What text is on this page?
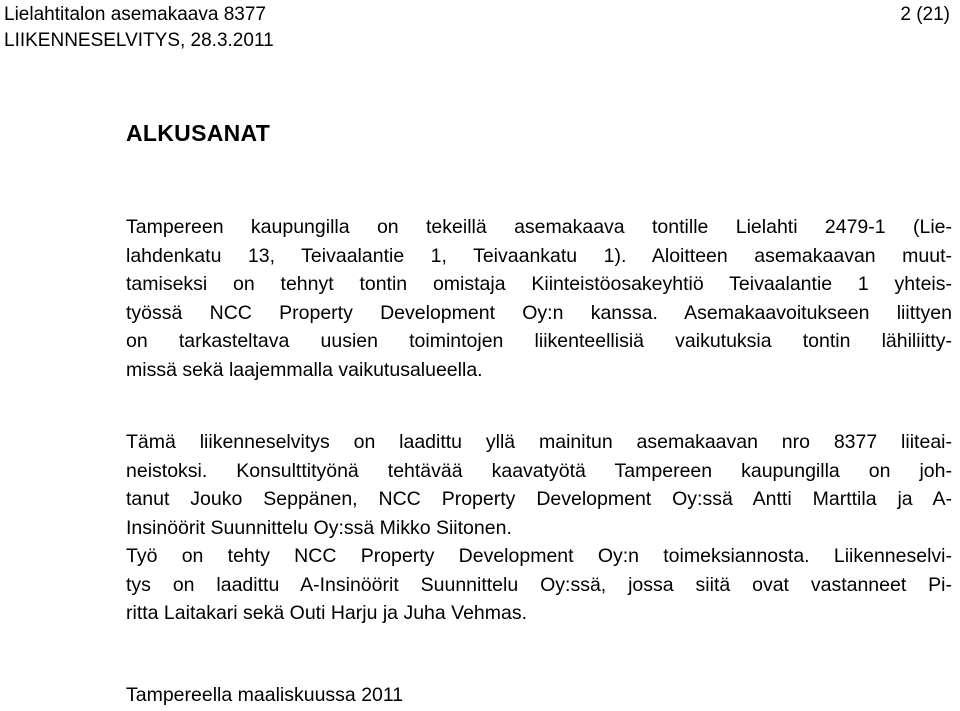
Lielahtitalon asemakaava 8377
LIIKENNESELVITYS, 28.3.2011
2 (21)
ALKUSANAT
Tampereen kaupungilla on tekeillä asemakaava tontille Lielahti 2479-1 (Lie-
lahdenkatu 13, Teivaalantie 1, Teivaankatu 1). Aloitteen asemakaavan muut-
tamiseksi on tehnyt tontin omistaja Kiinteistöosakeyhtiö Teivaalantie 1 yhteis-
työssä NCC Property Development Oy:n kanssa. Asemakaavoitukseen liittyen
on tarkasteltava uusien toimintojen liikenteellisiä vaikutuksia tontin lähiliitty-
missä sekä laajemmalla vaikutusalueella.
Tämä liikenneselvitys on laadittu yllä mainitun asemakaavan nro 8377 liiteai-
neistoksi. Konsulttityönä tehtävää kaavatyötä Tampereen kaupungilla on joh-
tanut Jouko Seppänen, NCC Property Development Oy:ssä Antti Marttila ja A-
Insinöörit Suunnittelu Oy:ssä Mikko Siitonen.
Työ on tehty NCC Property Development Oy:n toimeksiannosta. Liikenneselvi-
tys on laadittu A-Insinöörit Suunnittelu Oy:ssä, jossa siitä ovat vastanneet Pi-
ritta Laitakari sekä Outi Harju ja Juha Vehmas.
Tampereella maaliskuussa 2011
